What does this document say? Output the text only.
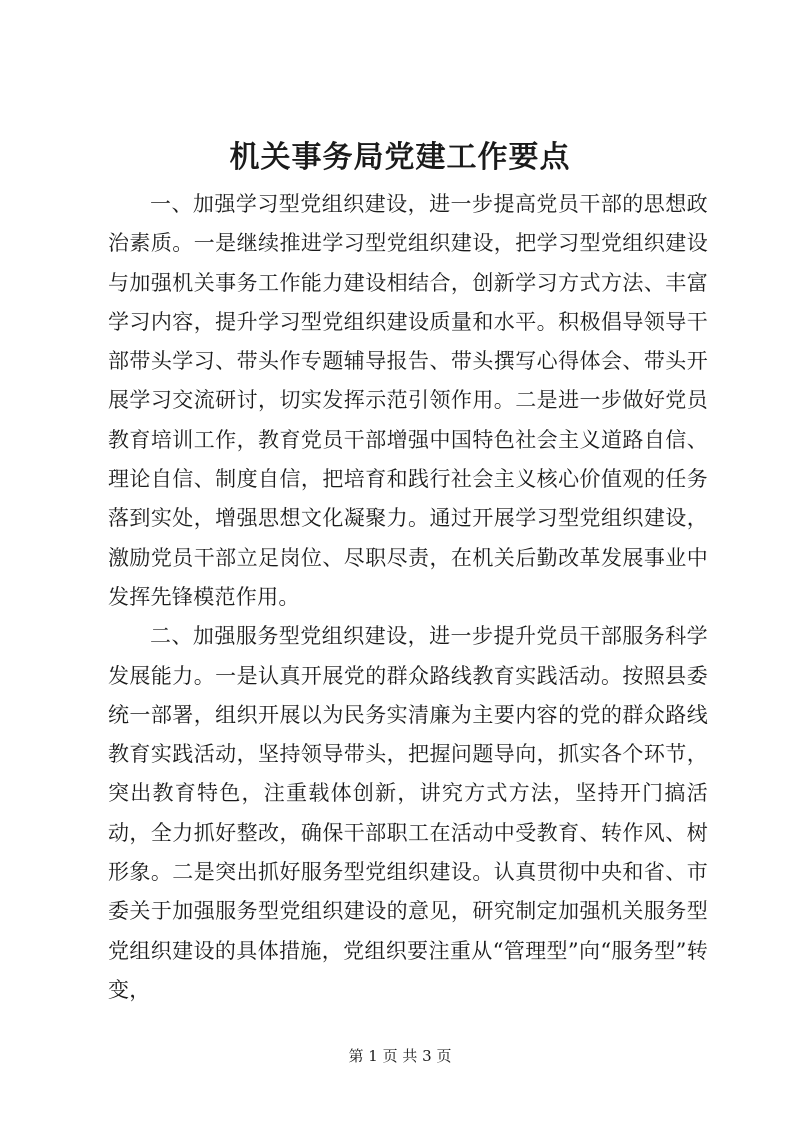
机关事务局党建工作要点

一、加强学习型党组织建设，进一步提高党员干部的思想政治素质。一是继续推进学习型党组织建设，把学习型党组织建设与加强机关事务工作能力建设相结合，创新学习方式方法、丰富学习内容，提升学习型党组织建设质量和水平。积极倡导领导干部带头学习、带头作专题辅导报告、带头撰写心得体会、带头开展学习交流研讨，切实发挥示范引领作用。二是进一步做好党员教育培训工作，教育党员干部增强中国特色社会主义道路自信、理论自信、制度自信，把培育和践行社会主义核心价值观的任务落到实处，增强思想文化凝聚力。通过开展学习型党组织建设，激励党员干部立足岗位、尽职尽责，在机关后勤改革发展事业中发挥先锋模范作用。

二、加强服务型党组织建设，进一步提升党员干部服务科学发展能力。一是认真开展党的群众路线教育实践活动。按照县委统一部署，组织开展以为民务实清廉为主要内容的党的群众路线教育实践活动，坚持领导带头，把握问题导向，抓实各个环节，突出教育特色，注重载体创新，讲究方式方法，坚持开门搞活动，全力抓好整改，确保干部职工在活动中受教育、转作风、树形象。二是突出抓好服务型党组织建设。认真贯彻中央和省、市委关于加强服务型党组织建设的意见，研究制定加强机关服务型党组织建设的具体措施，党组织要注重从“管理型”向“服务型”转变，

第 1 页 共 3 页
